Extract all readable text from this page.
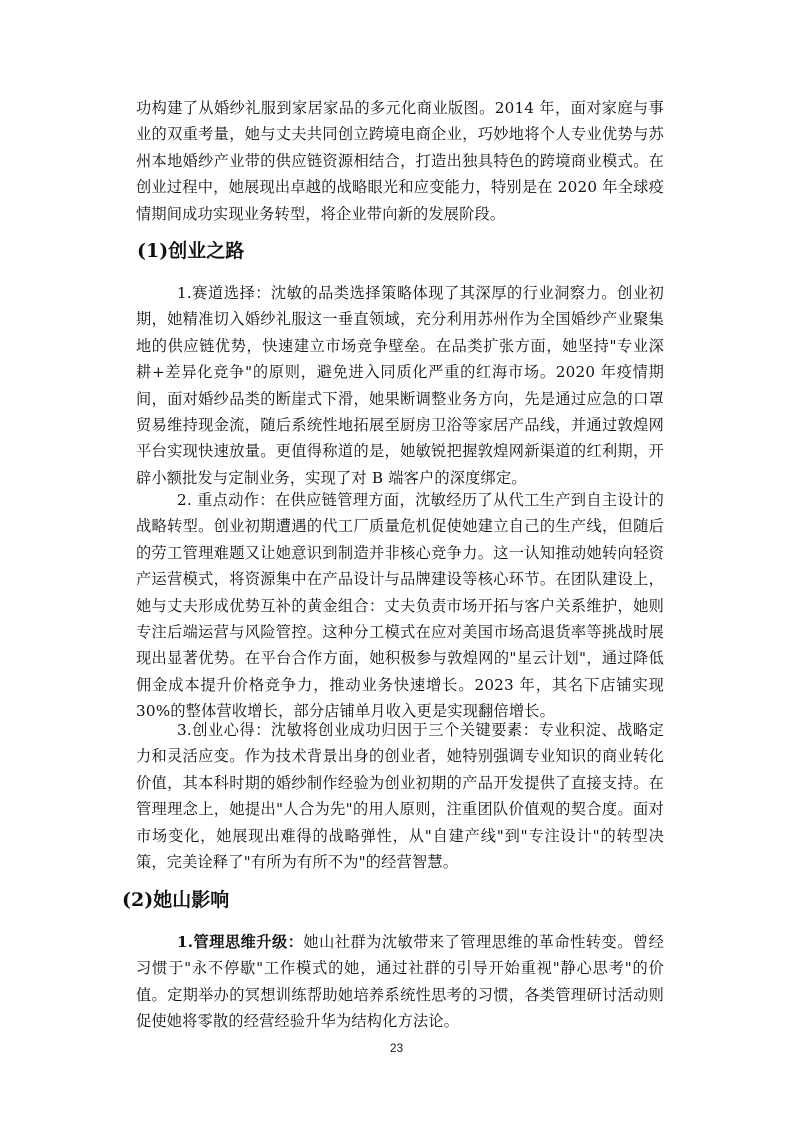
功构建了从婚纱礼服到家居家品的多元化商业版图。2014 年，面对家庭与事业的双重考量，她与丈夫共同创立跨境电商企业，巧妙地将个人专业优势与苏州本地婚纱产业带的供应链资源相结合，打造出独具特色的跨境商业模式。在创业过程中，她展现出卓越的战略眼光和应变能力，特别是在 2020 年全球疫情期间成功实现业务转型，将企业带向新的发展阶段。

(1)创业之路

1.赛道选择：沈敏的品类选择策略体现了其深厚的行业洞察力。创业初期，她精准切入婚纱礼服这一垂直领域，充分利用苏州作为全国婚纱产业聚集地的供应链优势，快速建立市场竞争壁垒。在品类扩张方面，她坚持"专业深耕+差异化竞争"的原则，避免进入同质化严重的红海市场。2020 年疫情期间，面对婚纱品类的断崖式下滑，她果断调整业务方向，先是通过应急的口罩贸易维持现金流，随后系统性地拓展至厨房卫浴等家居产品线，并通过敦煌网平台实现快速放量。更值得称道的是，她敏锐把握敦煌网新渠道的红利期，开辟小额批发与定制业务，实现了对 B 端客户的深度绑定。

2. 重点动作：在供应链管理方面，沈敏经历了从代工生产到自主设计的战略转型。创业初期遭遇的代工厂质量危机促使她建立自己的生产线，但随后的劳工管理难题又让她意识到制造并非核心竞争力。这一认知推动她转向轻资产运营模式，将资源集中在产品设计与品牌建设等核心环节。在团队建设上，她与丈夫形成优势互补的黄金组合：丈夫负责市场开拓与客户关系维护，她则专注后端运营与风险管控。这种分工模式在应对美国市场高退货率等挑战时展现出显著优势。在平台合作方面，她积极参与敦煌网的"星云计划"，通过降低佣金成本提升价格竞争力，推动业务快速增长。2023 年，其名下店铺实现 30%的整体营收增长，部分店铺单月收入更是实现翻倍增长。

3.创业心得：沈敏将创业成功归因于三个关键要素：专业积淀、战略定力和灵活应变。作为技术背景出身的创业者，她特别强调专业知识的商业转化价值，其本科时期的婚纱制作经验为创业初期的产品开发提供了直接支持。在管理理念上，她提出"人合为先"的用人原则，注重团队价值观的契合度。面对市场变化，她展现出难得的战略弹性，从"自建产线"到"专注设计"的转型决策，完美诠释了"有所为有所不为"的经营智慧。

(2)她山影响

1.管理思维升级：她山社群为沈敏带来了管理思维的革命性转变。曾经习惯于"永不停歇"工作模式的她，通过社群的引导开始重视"静心思考"的价值。定期举办的冥想训练帮助她培养系统性思考的习惯，各类管理研讨活动则促使她将零散的经营经验升华为结构化方法论。

23
